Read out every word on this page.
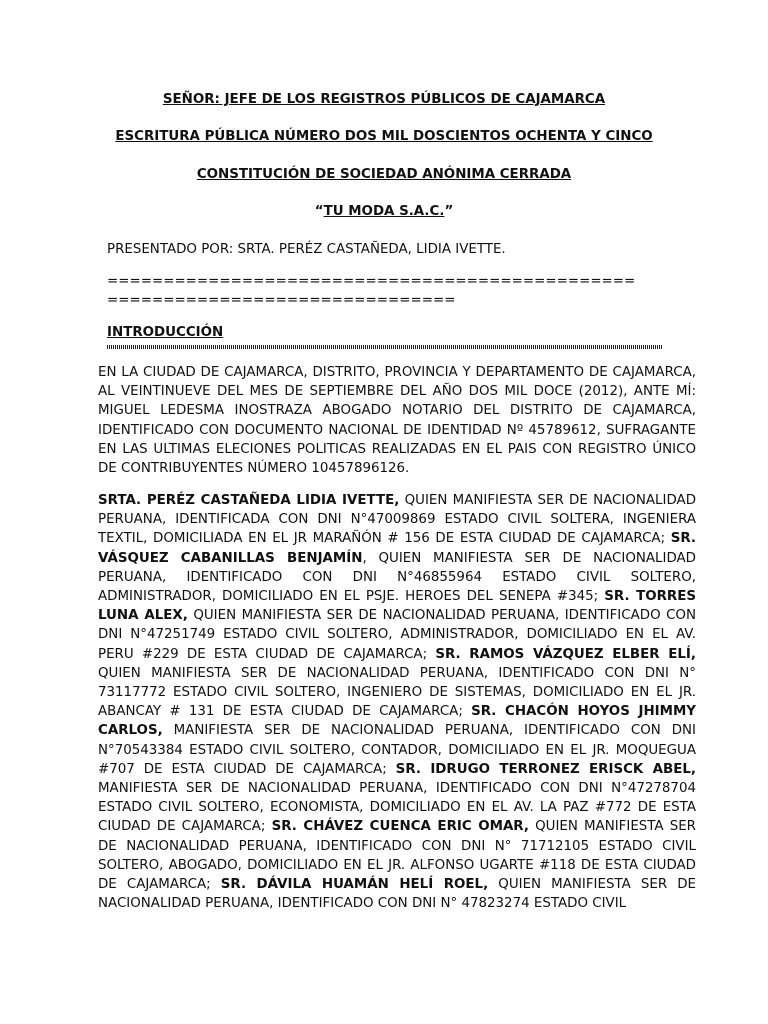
SEÑOR: JEFE DE LOS REGISTROS PÚBLICOS DE CAJAMARCA
ESCRITURA PÚBLICA NÚMERO DOS MIL DOSCIENTOS OCHENTA Y CINCO
CONSTITUCIÓN DE SOCIEDAD ANÓNIMA CERRADA
“TU MODA S.A.C.”
PRESENTADO POR: SRTA. PERÉZ CASTAÑEDA, LIDIA IVETTE.
===============================================
===============================
INTRODUCCIÓN
EN LA CIUDAD DE CAJAMARCA, DISTRITO, PROVINCIA Y DEPARTAMENTO DE CAJAMARCA, AL VEINTINUEVE DEL MES DE SEPTIEMBRE DEL AÑO DOS MIL DOCE (2012), ANTE MÍ: MIGUEL LEDESMA INOSTRAZA ABOGADO NOTARIO DEL DISTRITO DE CAJAMARCA, IDENTIFICADO CON DOCUMENTO NACIONAL DE IDENTIDAD Nº 45789612, SUFRAGANTE EN LAS ULTIMAS ELECIONES POLITICAS REALIZADAS EN EL PAIS CON REGISTRO ÚNICO DE CONTRIBUYENTES NÚMERO 10457896126.
SRTA. PERÉZ CASTAÑEDA LIDIA IVETTE, QUIEN MANIFIESTA SER DE NACIONALIDAD PERUANA, IDENTIFICADA CON DNI N°47009869 ESTADO CIVIL SOLTERA, INGENIERA TEXTIL, DOMICILIADA EN EL JR MARAÑÓN # 156 DE ESTA CIUDAD DE CAJAMARCA; SR. VÁSQUEZ CABANILLAS BENJAMÍN, QUIEN MANIFIESTA SER DE NACIONALIDAD PERUANA, IDENTIFICADO CON DNI N°46855964 ESTADO CIVIL SOLTERO, ADMINISTRADOR, DOMICILIADO EN EL PSJE. HEROES DEL SENEPA #345; SR. TORRES LUNA ALEX, QUIEN MANIFIESTA SER DE NACIONALIDAD PERUANA, IDENTIFICADO CON DNI N°47251749 ESTADO CIVIL SOLTERO, ADMINISTRADOR, DOMICILIADO EN EL AV. PERU #229 DE ESTA CIUDAD DE CAJAMARCA; SR. RAMOS VÁZQUEZ ELBER ELÍ, QUIEN MANIFIESTA SER DE NACIONALIDAD PERUANA, IDENTIFICADO CON DNI N° 73117772 ESTADO CIVIL SOLTERO, INGENIERO DE SISTEMAS, DOMICILIADO EN EL JR. ABANCAY # 131 DE ESTA CIUDAD DE CAJAMARCA; SR. CHACÓN HOYOS JHIMMY CARLOS, MANIFIESTA SER DE NACIONALIDAD PERUANA, IDENTIFICADO CON DNI N°70543384 ESTADO CIVIL SOLTERO, CONTADOR, DOMICILIADO EN EL JR. MOQUEGUA #707 DE ESTA CIUDAD DE CAJAMARCA; SR. IDRUGO TERRONEZ ERISCK ABEL, MANIFIESTA SER DE NACIONALIDAD PERUANA, IDENTIFICADO CON DNI N°47278704 ESTADO CIVIL SOLTERO, ECONOMISTA, DOMICILIADO EN EL AV. LA PAZ #772 DE ESTA CIUDAD DE CAJAMARCA; SR. CHÁVEZ CUENCA ERIC OMAR, QUIEN MANIFIESTA SER DE NACIONALIDAD PERUANA, IDENTIFICADO CON DNI N° 71712105 ESTADO CIVIL SOLTERO, ABOGADO, DOMICILIADO EN EL JR. ALFONSO UGARTE #118 DE ESTA CIUDAD DE CAJAMARCA; SR. DÁVILA HUAMÁN HELÍ ROEL, QUIEN MANIFIESTA SER DE NACIONALIDAD PERUANA, IDENTIFICADO CON DNI N° 47823274 ESTADO CIVIL
